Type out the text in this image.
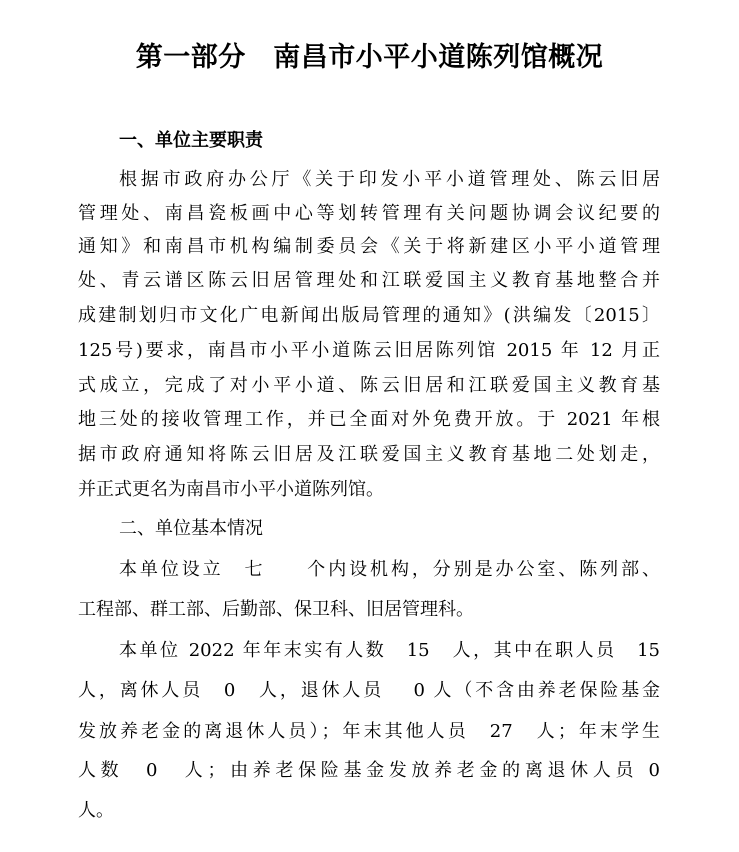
第一部分　南昌市小平小道陈列馆概况
一、单位主要职责
根据市政府办公厅《关于印发小平小道管理处、陈云旧居
管理处、南昌瓷板画中心等划转管理有关问题协调会议纪要的
通知》和南昌市机构编制委员会《关于将新建区小平小道管理
处、青云谱区陈云旧居管理处和江联爱国主义教育基地整合并
成建制划归市文化广电新闻出版局管理的通知》(洪编发〔2015〕
125号)要求，南昌市小平小道陈云旧居陈列馆 2015 年 12 月正
式成立，完成了对小平小道、陈云旧居和江联爱国主义教育基
地三处的接收管理工作，并已全面对外免费开放。于 2021 年根
据市政府通知将陈云旧居及江联爱国主义教育基地二处划走，
并正式更名为南昌市小平小道陈列馆。
二、单位基本情况
本单位设立　七　　个内设机构，分别是办公室、陈列部、
工程部、群工部、后勤部、保卫科、旧居管理科。
本单位 2022 年年末实有人数　15　人，其中在职人员　15
人，离休人员　0　人，退休人员　 0 人（不含由养老保险基金
发放养老金的离退休人员）；年末其他人员　27　人；年末学生
人数　0　人；由养老保险基金发放养老金的离退休人员 0
人。
